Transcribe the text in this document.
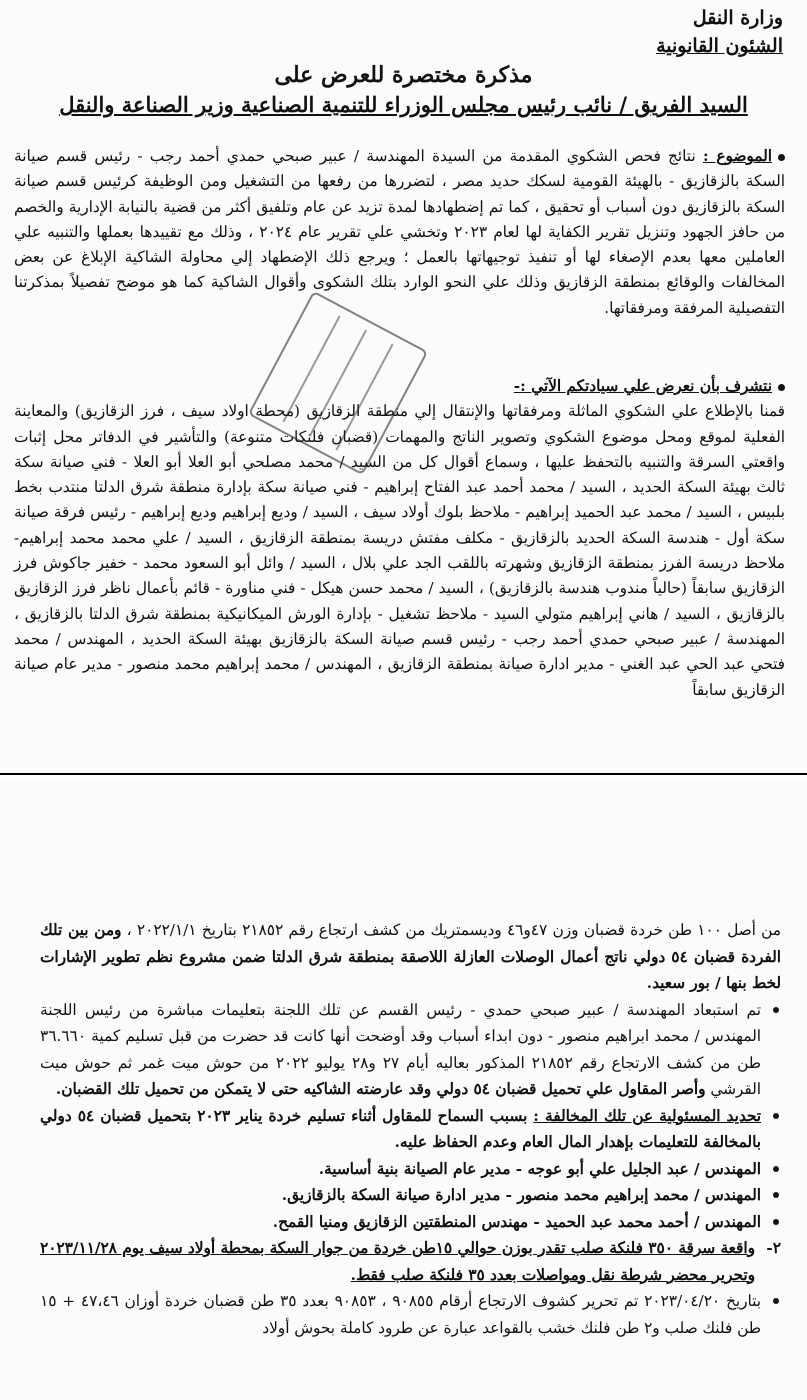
وزارة النقل
الشئون القانونية
مذكرة مختصرة للعرض على
السيد الفريق / نائب رئيس مجلس الوزراء للتنمية الصناعية وزير الصناعة والنقل

الموضوع : نتائج فحص الشكوي المقدمة من السيدة المهندسة / عبير صبحي حمدي أحمد رجب - رئيس قسم صيانة السكة بالزقازيق - بالهيئة القومية لسكك حديد مصر ، لتضررها من رفعها من التشغيل ومن الوظيفة كرئيس قسم صيانة السكة بالزقازيق دون أسباب أو تحقيق ، كما تم إضطهادها لمدة تزيد عن عام وتلفيق أكثر من قضية بالنيابة الإدارية والخصم من حافز الجهود وتنزيل تقرير الكفاية لها لعام ٢٠٢٣ وتخشي علي تقرير عام ٢٠٢٤ ، وذلك مع تقييدها بعملها والتنبيه علي العاملين معها بعدم الإصغاء لها أو تنفيذ توجيهاتها بالعمل ؛ ويرجع ذلك الإضطهاد إلي محاولة الشاكية الإبلاغ عن بعض المخالفات والوقائع بمنطقة الزقازيق وذلك علي النحو الوارد بتلك الشكوى وأقوال الشاكية كما هو موضح تفصيلاً بمذكرتنا التفصيلية المرفقة ومرفقاتها.

نتشرف بأن نعرض علي سيادتكم الآتي :-

قمنا بالإطلاع علي الشكوي الماثلة ومرفقاتها والإنتقال إلي منطقة الزقازيق (محطة اولاد سيف ، فرز الزقازيق) والمعاينة الفعلية لموقع ومحل موضوع الشكوي وتصوير الناتج والمهمات (قضبان فلنكات متنوعة) والتأشير في الدفاتر محل إثبات واقعتي السرقة والتنبيه بالتحفظ عليها ، وسماع أقوال كل من السيد / محمد مصلحي أبو العلا أبو العلا - فني صيانة سكة ثالث بهيئة السكة الحديد ، السيد / محمد أحمد عبد الفتاح إبراهيم - فني صيانة سكة بإدارة منطقة شرق الدلتا منتدب بخط بلبيس ، السيد / محمد عبد الحميد إبراهيم - ملاحظ بلوك أولاد سيف ، السيد / وديع إبراهيم وديع إبراهيم - رئيس فرقة صيانة سكة أول - هندسة السكة الحديد بالزقازيق - مكلف مفتش دريسة بمنطقة الزقازيق ، السيد / علي محمد محمد إبراهيم- ملاحظ دريسة الفرز بمنطقة الزقازيق وشهرته باللقب الجد علي بلال ، السيد / وائل أبو السعود محمد - خفير جاكوش فرز الزقازيق سابقاً (حالياً مندوب هندسة بالزقازيق) ، السيد / محمد حسن هيكل - فني مناورة - قائم بأعمال ناظر فرز الزقازيق بالزقازيق ، السيد / هاني إبراهيم متولي السيد - ملاحظ تشغيل - بإدارة الورش الميكانيكية بمنطقة شرق الدلتا بالزقازيق ، المهندسة / عبير صبحي حمدي أحمد رجب - رئيس قسم صيانة السكة بالزقازيق بهيئة السكة الحديد ، المهندس / محمد فتحي عبد الحي عبد الغني - مدير ادارة صيانة بمنطقة الزقازيق ، المهندس / محمد إبراهيم محمد منصور - مدير عام صيانة الزقازيق سابقاً

من أصل ١٠٠ طن خردة قضبان وزن ٤٧و٤٦ وديسمتريك من كشف ارتجاع رقم ٢١٨٥٢ بتاريخ ٢٠٢٢/١/١ ، ومن بين تلك الفردة قضبان ٥٤ دولي ناتج أعمال الوصلات العازلة اللاصقة بمنطقة شرق الدلتا ضمن مشروع نظم تطوير الإشارات لخط بنها / بور سعيد.

تم استبعاد المهندسة / عبير صبحي حمدي - رئيس القسم عن تلك اللجنة بتعليمات مباشرة من رئيس اللجنة المهندس / محمد ابراهيم منصور - دون ابداء أسباب وقد أوضحت أنها كانت قد حضرت من قبل تسليم كمية ٣٦.٦٦٠ طن من كشف الارتجاع رقم ٢١٨٥٢ المذكور بعاليه أيام ٢٧ و٢٨ يوليو ٢٠٢٢ من حوش ميت غمر ثم حوش ميت القرشي وأصر المقاول علي تحميل قضبان ٥٤ دولي وقد عارضته الشاكيه حتى لا يتمكن من تحميل تلك القضبان.

تحديد المسئولية عن تلك المخالفة : بسبب السماح للمقاول أثناء تسليم خردة يناير ٢٠٢٣ بتحميل قضبان ٥٤ دولي بالمخالفة للتعليمات بإهدار المال العام وعدم الحفاظ عليه.

المهندس / عبد الجليل علي أبو عوجه - مدير عام الصيانة بنية أساسية.

المهندس / محمد إبراهيم محمد منصور - مدير ادارة صيانة السكة بالزقازيق.

المهندس / أحمد محمد عبد الحميد - مهندس المنطقتين الزقازيق ومنيا القمح.

٢-
واقعة سرقة ٣٥٠ فلنكة صلب تقدر بوزن حوالي ١٥طن خردة من جوار السكة بمحطة أولاد سيف يوم ٢٠٢٣/١١/٢٨ وتحرير محضر شرطة نقل ومواصلات بعدد ٣٥ فلنكة صلب فقط.

بتاريخ ٢٠٢٣/٠٤/٢٠ تم تحرير كشوف الارتجاع أرقام ٩٠٨٥٥ ، ٩٠٨٥٣ بعدد ٣٥ طن قضبان خردة أوزان ٤٧،٤٦ + ١٥ طن فلنك صلب و٢ طن فلنك خشب بالقواعد عبارة عن طرود كاملة بحوش أولاد
